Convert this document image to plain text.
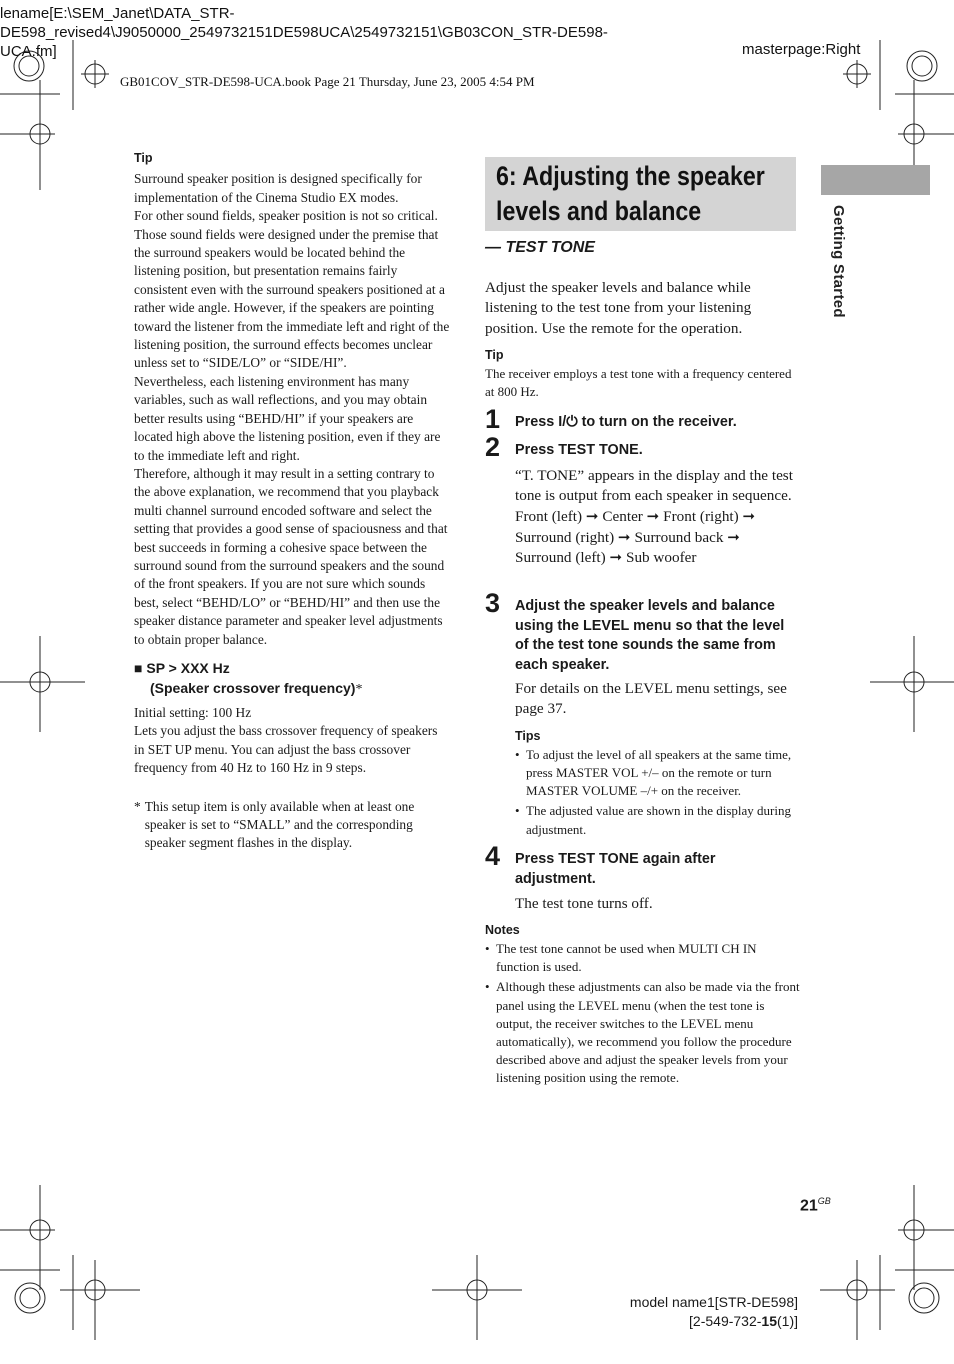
lename[E:\SEM_Janet\DATA_STR-
DE598_revised4\J9050000_2549732151DE598UCA\2549732151\GB03CON_STR-DE598-
UCA.fm]	masterpage:Right
GB01COV_STR-DE598-UCA.book Page 21 Thursday, June 23, 2005 4:54 PM
Tip

Surround speaker position is designed specifically for implementation of the Cinema Studio EX modes.

For other sound fields, speaker position is not so critical. Those sound fields were designed under the premise that the surround speakers would be located behind the listening position, but presentation remains fairly consistent even with the surround speakers positioned at a rather wide angle. However, if the speakers are pointing toward the listener from the immediate left and right of the listening position, the surround effects becomes unclear unless set to “SIDE/LO” or “SIDE/HI”.

Nevertheless, each listening environment has many variables, such as wall reflections, and you may obtain better results using “BEHD/HI” if your speakers are located high above the listening position, even if they are to the immediate left and right.

Therefore, although it may result in a setting contrary to the above explanation, we recommend that you playback multi channel surround encoded software and select the setting that provides a good sense of spaciousness and that best succeeds in forming a cohesive space between the surround sound from the surround speakers and the sound of the front speakers. If you are not sure which sounds best, select “BEHD/LO” or “BEHD/HI” and then use the speaker distance parameter and speaker level adjustments to obtain proper balance.

■ SP > XXX Hz
(Speaker crossover frequency)*

Initial setting: 100 Hz

Lets you adjust the bass crossover frequency of speakers in SET UP menu. You can adjust the bass crossover frequency from 40 Hz to 160 Hz in 9 steps.

* This setup item is only available when at least one speaker is set to “SMALL” and the corresponding speaker segment flashes in the display.
6: Adjusting the speaker
levels and balance
— TEST TONE
Adjust the speaker levels and balance while listening to the test tone from your listening position. Use the remote for the operation.
Tip
The receiver employs a test tone with a frequency centered at 800 Hz.
1 Press I/⏻ to turn on the receiver.
2 Press TEST TONE.
“T. TONE” appears in the display and the test tone is output from each speaker in sequence.
Front (left) ➞ Center ➞ Front (right) ➞ Surround (right) ➞ Surround back ➞ Surround (left) ➞ Sub woofer
3 Adjust the speaker levels and balance using the LEVEL menu so that the level of the test tone sounds the same from each speaker.
For details on the LEVEL menu settings, see page 37.
Tips
• To adjust the level of all speakers at the same time, press MASTER VOL +/– on the remote or turn MASTER VOLUME –/+ on the receiver.
• The adjusted value are shown in the display during adjustment.
4 Press TEST TONE again after adjustment.
The test tone turns off.
Notes
• The test tone cannot be used when MULTI CH IN function is used.
• Although these adjustments can also be made via the front panel using the LEVEL menu (when the test tone is output, the receiver switches to the LEVEL menu automatically), we recommend you follow the procedure described above and adjust the speaker levels from your listening position using the remote.
Getting Started
$21^{GB}$
model name1[STR-DE598]
[2-549-732-15(1)]
